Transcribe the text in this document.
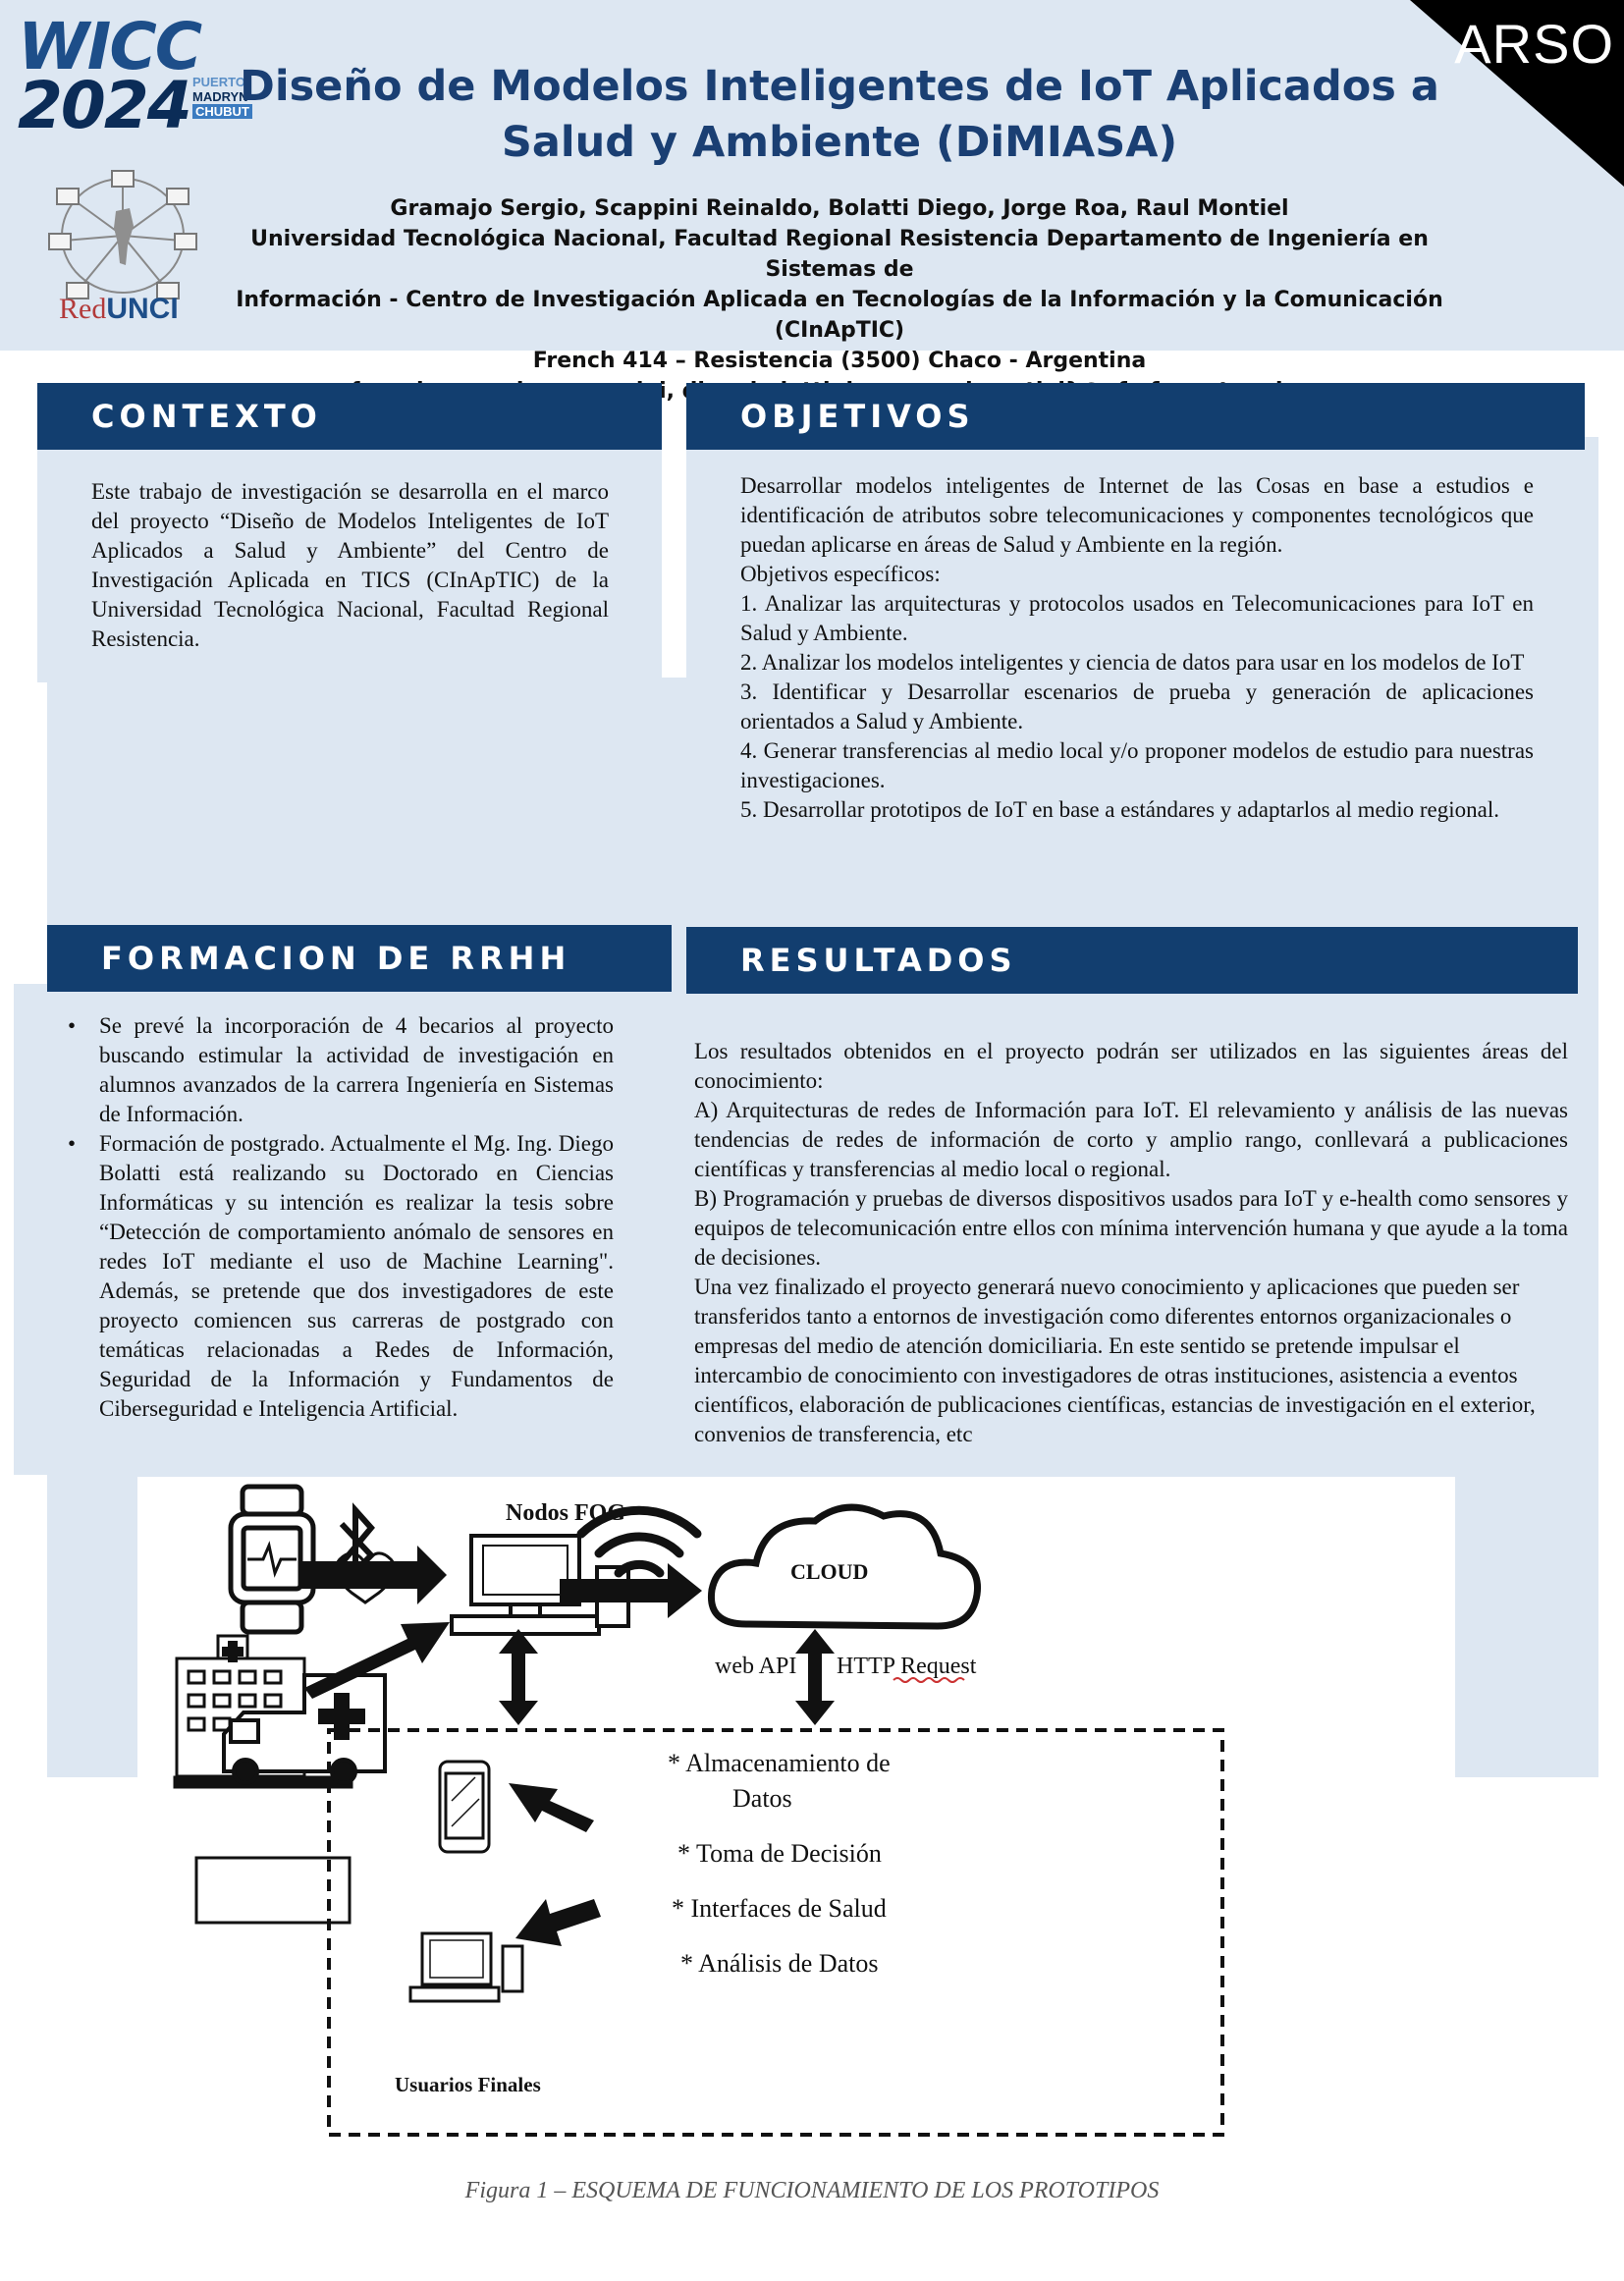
WICC
2024 PUERTO
MADRYN
CHUBUT
RedUNCI
Diseño de Modelos Inteligentes de IoT Aplicados a
Salud y Ambiente (DiMIASA)
Gramajo Sergio, Scappini Reinaldo, Bolatti Diego, Jorge Roa, Raul Montiel
Universidad Tecnológica Nacional, Facultad Regional Resistencia Departamento de Ingeniería en Sistemas de
Información - Centro de Investigación Aplicada en Tecnologías de la Información y la Comunicación (CInApTIC)
French 414 – Resistencia (3500) Chaco - Argentina
ARSO
CONTEXTO

Este trabajo de investigación se desarrolla en el marco del proyecto “Diseño de Modelos Inteligentes de IoT Aplicados a Salud y Ambiente” del Centro de Investigación Aplicada en TICS (CInApTIC) de la Universidad Tecnológica Nacional, Facultad Regional Resistencia.

OBJETIVOS

Desarrollar modelos inteligentes de Internet de las Cosas en base a estudios e identificación de atributos sobre telecomunicaciones y componentes tecnológicos que puedan aplicarse en áreas de Salud y Ambiente en la región.

Objetivos específicos:

1. Analizar las arquitecturas y protocolos usados en Telecomunicaciones para IoT en Salud y Ambiente.
2. Analizar los modelos inteligentes y ciencia de datos para usar en los modelos de IoT
3. Identificar y Desarrollar escenarios de prueba y generación de aplicaciones orientados a Salud y Ambiente.
4. Generar transferencias al medio local y/o proponer modelos de estudio para nuestras investigaciones.
5. Desarrollar prototipos de IoT en base a estándares y adaptarlos al medio regional.
FORMACION DE RRHH
• Se prevé la incorporación de 4 becarios al proyecto buscando estimular la actividad de investigación en alumnos avanzados de la carrera Ingeniería en Sistemas de Información.
• Formación de postgrado. Actualmente el Mg. Ing. Diego Bolatti está realizando su Doctorado en Ciencias Informáticas y su intención es realizar la tesis sobre “Detección de comportamiento anómalo de sensores en redes IoT mediante el uso de Machine Learning". Además, se pretende que dos investigadores de este proyecto comiencen sus carreras de postgrado con temáticas relacionadas a Redes de Información, Seguridad de la Información y Fundamentos de Ciberseguridad e Inteligencia Artificial.
RESULTADOS

Los resultados obtenidos en el proyecto podrán ser utilizados en las siguientes áreas del conocimiento:

A) Arquitecturas de redes de Información para IoT. El relevamiento y análisis de las nuevas tendencias de redes de información de corto y amplio rango, conllevará a publicaciones científicas y transferencias al medio local o regional.

B) Programación y pruebas de diversos dispositivos usados para IoT y e-health como sensores y equipos de telecomunicación entre ellos con mínima intervención humana y que ayude a la toma de decisiones.

Una vez finalizado el proyecto generará nuevo conocimiento y aplicaciones que pueden ser transferidos tanto a entornos de investigación como diferentes entornos organizacionales o empresas del medio de atención domiciliaria. En este sentido se pretende impulsar el intercambio de conocimiento con investigadores de otras instituciones, asistencia a eventos científicos, elaboración de publicaciones científicas, estancias de investigación en el exterior, convenios de transferencia, etc

Nodos FOG
CLOUD
web API HTTP Request
Usuarios Finales
* Almacenamiento de
Datos
* Toma de Decisión
* Interfaces de Salud
* Análisis de Datos
Figura 1 – ESQUEMA DE FUNCIONAMIENTO DE LOS PROTOTIPOS
